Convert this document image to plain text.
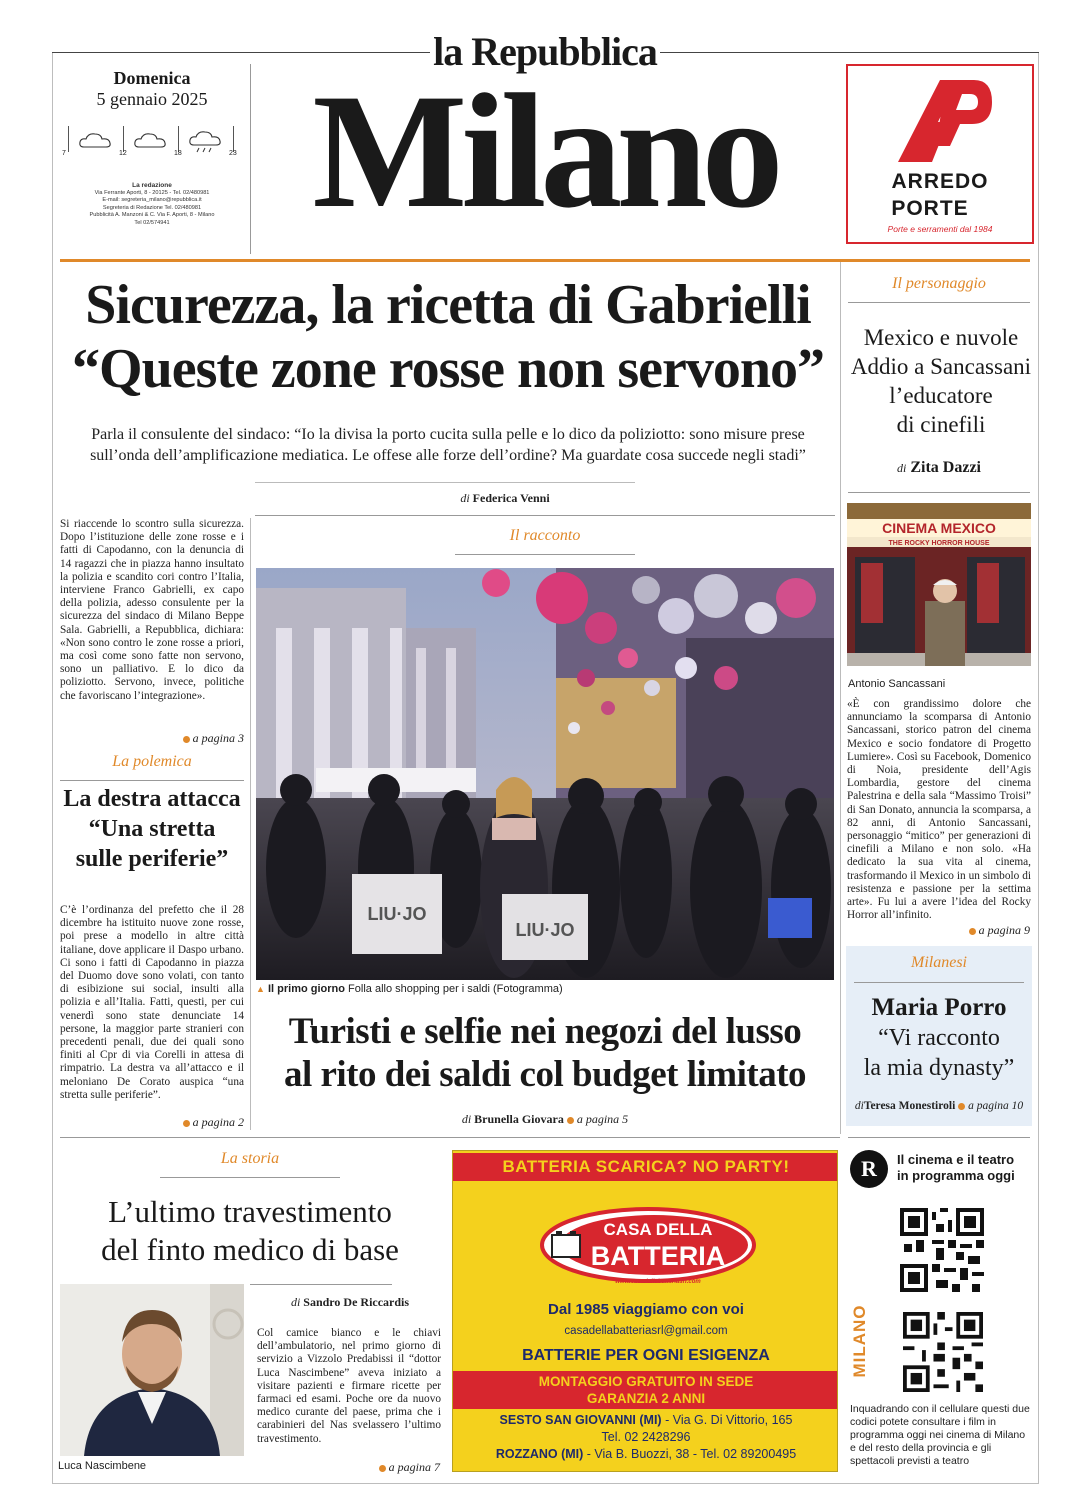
la Repubblica
Domenica
5 gennaio 2025
7	12	18	23
La redazione
Via Ferrante Aporti, 8 - 20125 - Tel. 02/480981
E-mail: segreteria_milano@repubblica.it
Segreteria di Redazione Tel. 02/480981
Pubblicità A. Manzoni & C. Via F. Aporti, 8 - Milano
Tel 02/574941 Milano	ARREDO
PORTE
Porte e serramenti dal 1984
Sicurezza, la ricetta di Gabrielli
“Queste zone rosse non servono”
Parla il consulente del sindaco: “Io la divisa la porto cucita sulla pelle e lo dico da poliziotto: sono misure prese sull’onda dell’amplificazione mediatica. Le offese alle forze dell’ordine? Ma guardate cosa succede negli stadi”
di Federica Venni
Si riaccende lo scontro sulla sicurezza. Dopo l’istituzione delle zone rosse e i fatti di Capodanno, con la denuncia di 14 ragazzi che in piazza hanno insultato la polizia e scandito cori contro l’Italia, interviene Franco Gabrielli, ex capo della polizia, adesso consulente per la sicurezza del sindaco di Milano Beppe Sala. Gabrielli, a Repubblica, dichiara: «Non sono contro le zone rosse a priori, ma così come sono fatte non servono, sono un palliativo. E lo dico da poliziotto. Servono, invece, politiche che favoriscano l’integrazione».
a pagina 3
La polemica
La destra attacca
“Una stretta
sulle periferie”
C’è l’ordinanza del prefetto che il 28 dicembre ha istituito nuove zone rosse, poi prese a modello in altre città italiane, dove applicare il Daspo urbano. Ci sono i fatti di Capodanno in piazza del Duomo dove sono volati, con tanto di esibizione sui social, insulti alla polizia e all’Italia. Fatti, questi, per cui venerdì sono state denunciate 14 persone, la maggior parte stranieri con precedenti penali, due dei quali sono finiti al Cpr di via Corelli in attesa di rimpatrio. La destra va all’attacco e il meloniano De Corato auspica “una stretta sulle periferie”.
a pagina 2
Il racconto
LIU·JO
LIU·JO
▲ Il primo giorno Folla allo shopping per i saldi (Fotogramma)
Turisti e selfie nei negozi del lusso
al rito dei saldi col budget limitato
di Brunella Giovara a pagina 5
Il personaggio
Mexico e nuvole
Addio a Sancassani
l’educatore
di cinefili
di Zita Dazzi
CINEMA MEXICO
THE ROCKY HORROR HOUSE
Antonio Sancassani
«È con grandissimo dolore che annunciamo la scomparsa di Antonio Sancassani, storico patron del cinema Mexico e socio fondatore di Progetto Lumiere». Così su Facebook, Domenico di Noia, presidente dell’Agis Lombardia, gestore del cinema Palestrina e della sala “Massimo Troisi” di San Donato, annuncia la scomparsa, a 82 anni, di Antonio Sancassani, personaggio “mitico” per generazioni di cinefili a Milano e non solo. «Ha dedicato la sua vita al cinema, trasformando il Mexico in un simbolo di resistenza e passione per la settima arte». Fu lui a avere l’idea del Rocky Horror all’infinito.
a pagina 9
Milanesi
Maria Porro
“Vi racconto
la mia dynasty”
diTeresa Monestiroli a pagina 10
La storia
L’ultimo travestimento
del finto medico di base
Luca Nascimbene
di Sandro De Riccardis
Col camice bianco e le chiavi dell’ambulatorio, nel primo giorno di servizio a Vizzolo Predabissi il “dottor Luca Nascimbene” aveva iniziato a visitare pazienti e firmare ricette per farmaci ed esami. Poche ore da nuovo medico curante del paese, prima che i carabinieri del Nas svelassero l’ultimo travestimento.
a pagina 7
BATTERIA SCARICA? NO PARTY!
CASA DELLA
BATTERIA
www.casadellabatteriasrl.com
Dal 1985 viaggiamo con voi
casadellabatteriasrl@gmail.com
BATTERIE PER OGNI ESIGENZA
MONTAGGIO GRATUITO IN SEDE
GARANZIA 2 ANNI
SESTO SAN GIOVANNI (MI) - Via G. Di Vittorio, 165
Tel. 02 2428296
ROZZANO (MI) - Via B. Buozzi, 38 - Tel. 02 89200495
R	Il cinema e il teatro
in programma oggi
MILANO
Inquadrando con il cellulare questi due codici potete consultare i film in programma oggi nei cinema di Milano e del resto della provincia e gli spettacoli previsti a teatro
